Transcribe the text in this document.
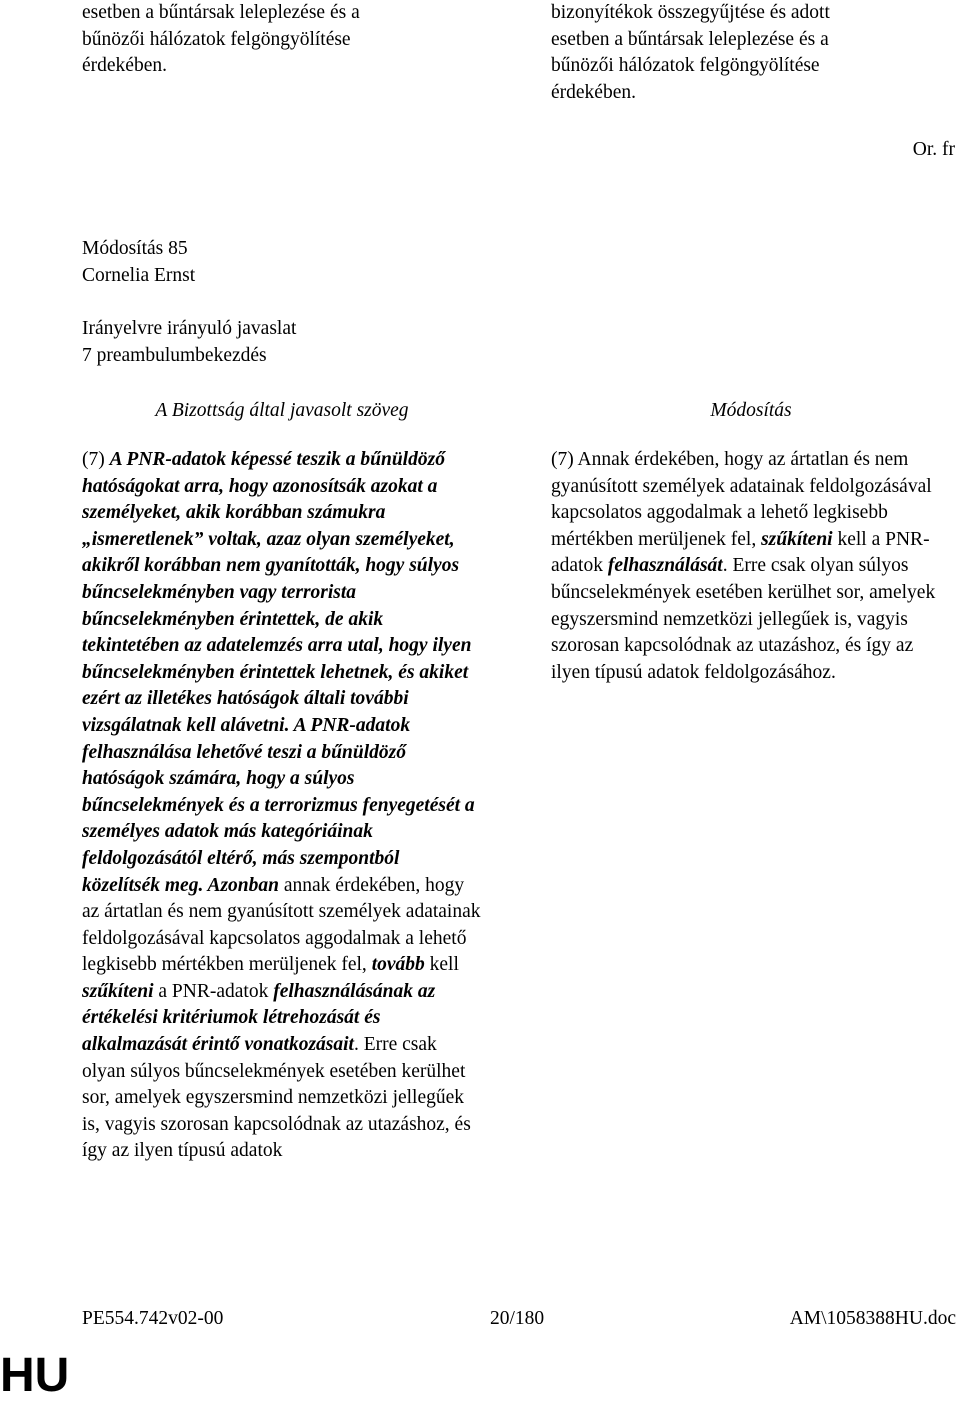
esetben a bűntársak leleplezése és a
bűnözői hálózatok felgöngyölítése
érdekében.
bizonyítékok összegyűjtése és adott
esetben a bűntársak leleplezése és a
bűnözői hálózatok felgöngyölítése
érdekében.
Or. fr
Módosítás 85
Cornelia Ernst
Irányelvre irányuló javaslat
7 preambulumbekezdés
A Bizottság által javasolt szöveg	Módosítás

(7) A PNR-adatok képessé teszik a bűnüldöző hatóságokat arra, hogy azonosítsák azokat a személyeket, akik korábban számukra „ismeretlenek” voltak, azaz olyan személyeket, akikről korábban nem gyanították, hogy súlyos bűncselekményben vagy terrorista bűncselekményben érintettek, de akik tekintetében az adatelemzés arra utal, hogy ilyen bűncselekményben érintettek lehetnek, és akiket ezért az illetékes hatóságok általi további vizsgálatnak kell alávetni. A PNR-adatok felhasználása lehetővé teszi a bűnüldöző hatóságok számára, hogy a súlyos bűncselekmények és a terrorizmus fenyegetését a személyes adatok más kategóriáinak feldolgozásától eltérő, más szempontból közelítsék meg. Azonban annak érdekében, hogy az ártatlan és nem gyanúsított személyek adatainak feldolgozásával kapcsolatos aggodalmak a lehető legkisebb mértékben merüljenek fel, tovább kell szűkíteni a PNR-adatok felhasználásának az értékelési kritériumok létrehozását és alkalmazását érintő vonatkozásait. Erre csak olyan súlyos bűncselekmények esetében kerülhet sor, amelyek egyszersmind nemzetközi jellegűek is, vagyis szorosan kapcsolódnak az utazáshoz, és így az ilyen típusú adatok

(7) Annak érdekében, hogy az ártatlan és nem gyanúsított személyek adatainak feldolgozásával kapcsolatos aggodalmak a lehető legkisebb mértékben merüljenek fel, szűkíteni kell a PNR-adatok felhasználását. Erre csak olyan súlyos bűncselekmények esetében kerülhet sor, amelyek egyszersmind nemzetközi jellegűek is, vagyis szorosan kapcsolódnak az utazáshoz, és így az ilyen típusú adatok feldolgozásához.

PE554.742v02-00	20/180	AM\1058388HU.doc
HU
